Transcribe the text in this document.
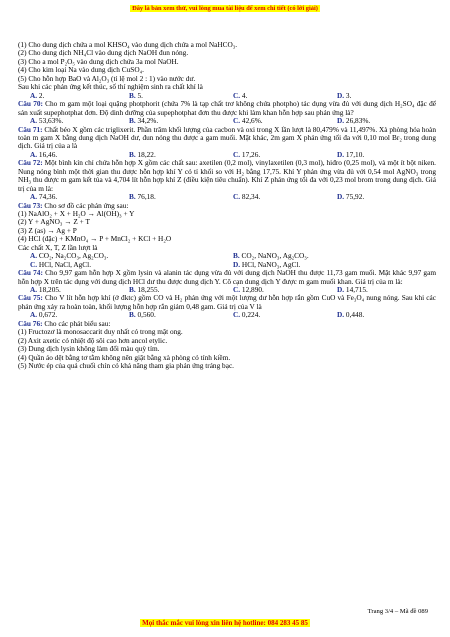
Đây là bản xem thử, vui lòng mua tài liệu để xem chi tiết (có lời giải)
(1) Cho dung dịch chứa a mol KHSO₄ vào dung dịch chứa a mol NaHCO₃.
(2) Cho dung dịch NH₄Cl vào dung dịch NaOH đun nóng.
(3) Cho a mol P₂O₅ vào dung dịch chứa 3a mol NaOH.
(4) Cho kim loại Na vào dung dịch CuSO₄.
(5) Cho hỗn hợp BaO và Al₂O₃ (tỉ lệ mol 2 : 1) vào nước dư.
Sau khi các phản ứng kết thúc, số thí nghiệm sinh ra chất khí là
A. 2.	B. 5.	C. 4.	D. 3.
Câu 70: Cho m gam một loại quặng photphorit (chứa 7% là tạp chất trơ không chứa photpho) tác dụng vừa đủ với dung dịch H₂SO₄ đặc để sản xuất supephotphat đơn. Độ dinh dưỡng của supephotphat đơn thu được khi làm khan hỗn hợp sau phản ứng là?
A. 53,63%.	B. 34,2%.	C. 42,6%.	D. 26,83%.
Câu 71: Chất béo X gồm các triglixerit. Phần trăm khối lượng của cacbon và oxi trong X lần lượt là 80,479% và 11,497%. Xà phòng hóa hoàn toàn m gam X bằng dung dịch NaOH dư, đun nóng thu được a gam muối. Mặt khác, 2m gam X phản ứng tối đa với 0,10 mol Br₂ trong dung dịch. Giá trị của a là
A. 16,46.	B. 18,22.	C. 17,26.	D. 17,10.
Câu 72: Một bình kín chỉ chứa hỗn hợp X gồm các chất sau: axetilen (0,2 mol), vinylaxetilen (0,3 mol), hiđro (0,25 mol), và một ít bột niken. Nung nóng bình một thời gian thu được hỗn hợp khí Y có tỉ khối so với H₂ bằng 17,75. Khí Y phản ứng vừa đủ với 0,54 mol AgNO₃ trong NH₃ thu được m gam kết tủa và 4,704 lít hỗn hợp khí Z (điều kiện tiêu chuẩn). Khí Z phản ứng tối đa với 0,23 mol brom trong dung dịch. Giá trị của m là:
A. 74,36.	B. 76,18.	C. 82,34.	D. 75,92.
Câu 73: Cho sơ đồ các phản ứng sau:
(1) NaAlO₂ + X + H₂O → Al(OH)₃ + Y
(2) Y + AgNO₃ → Z + T
(3) Z (as) → Ag + P
(4) HCl (đặc) + KMnO₄ → P + MnCl₂ + KCl + H₂O
Các chất X, T, Z lần lượt là
A. CO₂, Na₂CO₃, Ag₂CO₃.	B. CO₂, NaNO₃, Ag₂CO₃.
C. HCl, NaCl, AgCl.	D. HCl, NaNO₃, AgCl.
Câu 74: Cho 9,97 gam hỗn hợp X gồm lysin và alanin tác dụng vừa đủ với dung dịch NaOH thu được 11,73 gam muối. Mặt khác 9,97 gam hỗn hợp X trên tác dụng với dung dịch HCl dư thu được dung dịch Y. Cô cạn dung dịch Y được m gam muối khan. Giá trị của m là:
A. 18,205.	B. 18,255.	C. 12,890.	D. 14,715.
Câu 75: Cho V lít hỗn hợp khí (ở đktc) gồm CO và H₂ phản ứng với một lượng dư hỗn hợp rắn gồm CuO và Fe₃O₄ nung nóng. Sau khi các phản ứng xảy ra hoàn toàn, khối lượng hỗn hợp rắn giảm 0,48 gam. Giá trị của V là
A. 0,672.	B. 0,560.	C. 0,224.	D. 0,448.
Câu 76: Cho các phát biểu sau:
(1) Fructozơ là monosaccarit duy nhất có trong mật ong.
(2) Axit axetic có nhiệt độ sôi cao hơn ancol etylic.
(3) Dung dịch lysin không làm đổi màu quỳ tím.
(4) Quần áo dệt bằng tơ tằm không nên giặt bằng xà phòng có tính kiềm.
(5) Nước ép của quả chuối chín có khả năng tham gia phản ứng tráng bạc.
Trang 3/4 – Mã đề 089
Mọi thắc mắc vui lòng xin liên hệ hotline: 084 283 45 85
